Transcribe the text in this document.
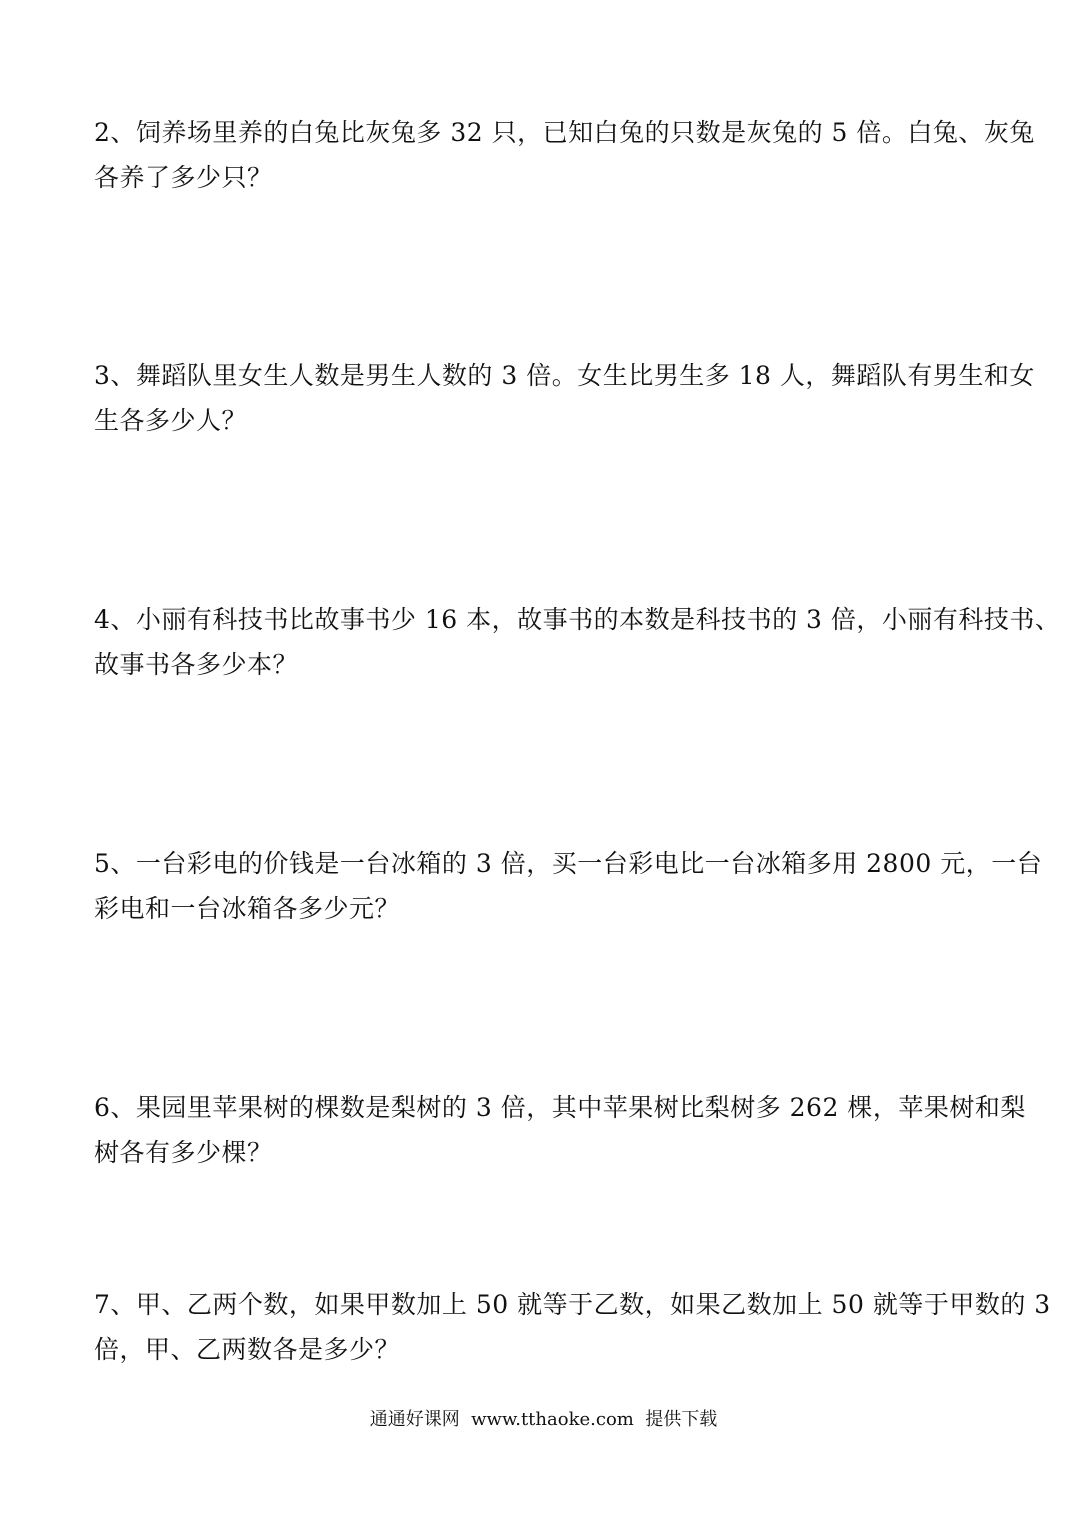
2、饲养场里养的白兔比灰兔多 32 只，已知白兔的只数是灰兔的 5 倍。白兔、灰兔
各养了多少只？
3、舞蹈队里女生人数是男生人数的 3 倍。女生比男生多 18 人，舞蹈队有男生和女
生各多少人？
4、小丽有科技书比故事书少 16 本，故事书的本数是科技书的 3 倍，小丽有科技书、
故事书各多少本？
5、一台彩电的价钱是一台冰箱的 3 倍，买一台彩电比一台冰箱多用 2800 元，一台
彩电和一台冰箱各多少元？
6、果园里苹果树的棵数是梨树的 3 倍，其中苹果树比梨树多 262 棵，苹果树和梨
树各有多少棵？
7、甲、乙两个数，如果甲数加上 50 就等于乙数，如果乙数加上 50 就等于甲数的 3
倍，甲、乙两数各是多少？
通通好课网  www.tthaoke.com  提供下载
